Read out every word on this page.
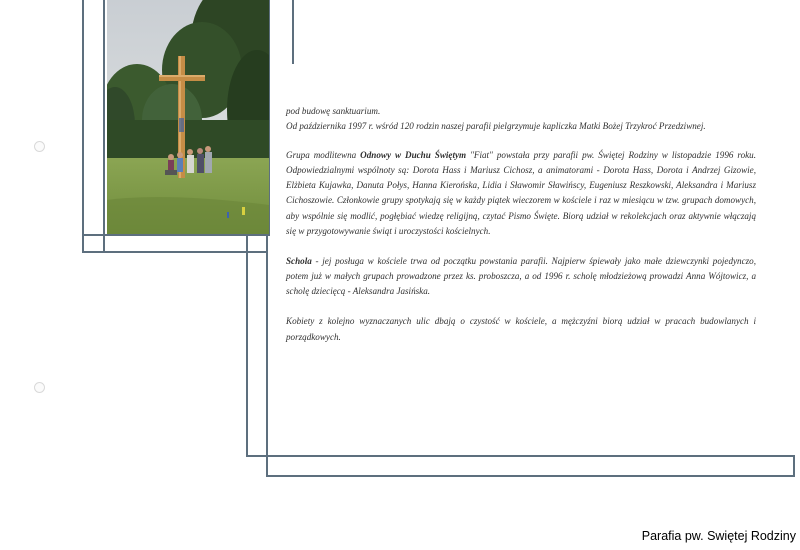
pod budowę sanktuarium.
Od października 1997 r. wśród 120 rodzin naszej parafii pielgrzymuje kapliczka Matki Bożej Trzykroć Przedziwnej.

Grupa modlitewna Odnowy w Duchu Świętym "Fiat" powstała przy parafii pw. Świętej Rodziny w listopadzie 1996 roku. Odpowiedzialnymi wspólnoty są: Dorota Hass i Mariusz Cichosz, a animatorami - Dorota Hass, Dorota i Andrzej Gizowie, Elżbieta Kujawka, Danuta Połys, Hanna Kierońska, Lidia i Sławomir Sławińscy, Eugeniusz Reszkowski, Aleksandra i Mariusz Cichoszowie. Członkowie grupy spotykają się w każdy piątek wieczorem w kościele i raz w miesiącu w tzw. grupach domowych, aby wspólnie się modlić, pogłębiać wiedzę religijną, czytać Pismo Święte. Biorą udział w rekolekcjach oraz aktywnie włączają się w przygotowywanie świąt i uroczystości kościelnych.

Schola - jej posługa w kościele trwa od początku powstania parafii. Najpierw śpiewały jako małe dziewczynki pojedynczo, potem już w małych grupach prowadzone przez ks. proboszcza, a od 1996 r. scholę młodzieżową prowadzi Anna Wójtowicz, a scholę dziecięcą - Aleksandra Jasińska.

Kobiety z kolejno wyznaczanych ulic dbają o czystość w kościele, a mężczyźni biorą udział w pracach budowlanych i porządkowych.

Parafia pw. Swiętej Rodziny
